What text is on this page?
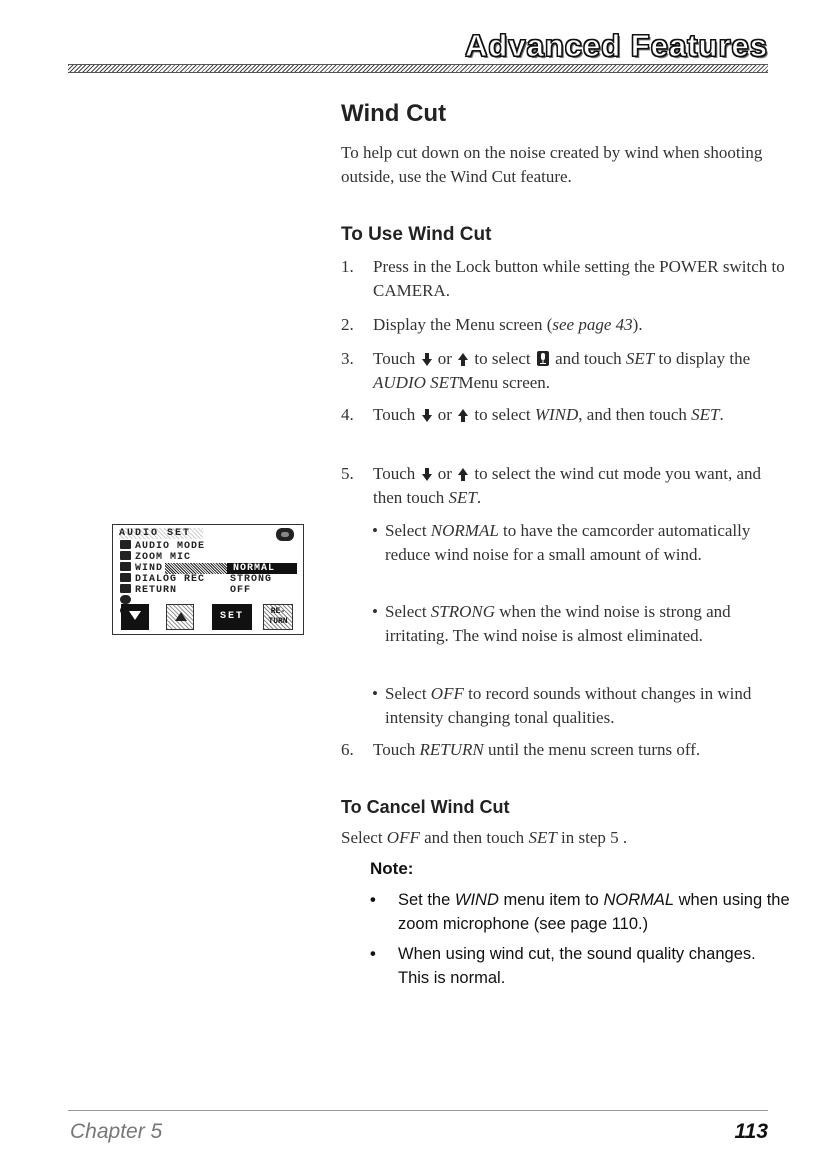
Advanced Features
Wind Cut
To help cut down on the noise created by wind when shooting outside, use the Wind Cut feature.
To Use Wind Cut
1. Press in the Lock button while setting the POWER switch to CAMERA.
2. Display the Menu screen (see page 43).
3. Touch or to select and touch SET to display the AUDIO SETMenu screen.
4. Touch or to select WIND, and then touch SET.
5. Touch or to select the wind cut mode you want, and then touch SET.
• Select NORMAL to have the camcorder automatically reduce wind noise for a small amount of wind.
• Select STRONG when the wind noise is strong and irritating. The wind noise is almost eliminated.
• Select OFF to record sounds without changes in wind intensity changing tonal qualities.
6. Touch RETURN until the menu screen turns off.
To Cancel Wind Cut
Select OFF and then touch SET in step 5 .
Note:
• Set the WIND menu item to NORMAL when using the zoom microphone (see page 110.)
• When using wind cut, the sound quality changes. This is normal.
AUDIO SET
AUDIO MODE
ZOOM MIC
WIND	NORMAL
DIALOG REC STRONG
RETURN	OFF
SET	RE-
TURN
Chapter 5	113
